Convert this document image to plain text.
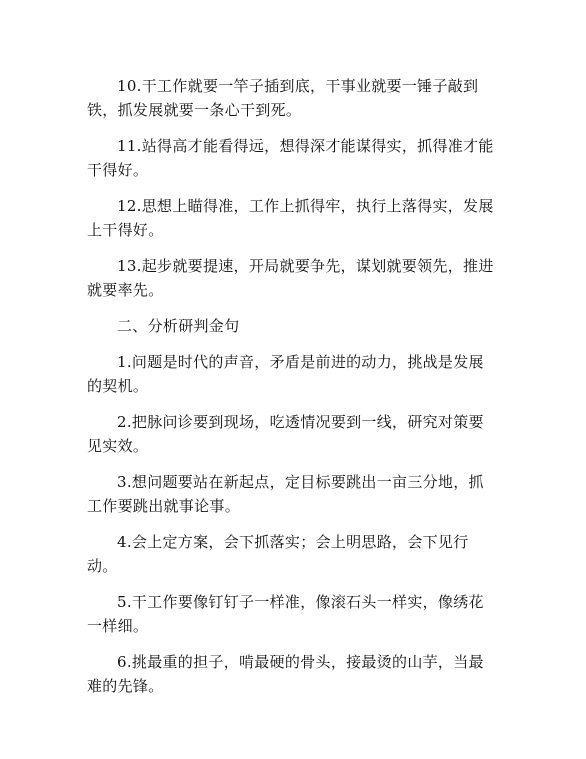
10.干工作就要一竿子插到底，干事业就要一锤子敲到铁，抓发展就要一条心干到死。

11.站得高才能看得远，想得深才能谋得实，抓得准才能干得好。

12.思想上瞄得准，工作上抓得牢，执行上落得实，发展上干得好。

13.起步就要提速，开局就要争先，谋划就要领先，推进就要率先。

二、分析研判金句

1.问题是时代的声音，矛盾是前进的动力，挑战是发展的契机。

2.把脉问诊要到现场，吃透情况要到一线，研究对策要见实效。

3.想问题要站在新起点，定目标要跳出一亩三分地，抓工作要跳出就事论事。

4.会上定方案，会下抓落实；会上明思路，会下见行动。

5.干工作要像钉钉子一样准，像滚石头一样实，像绣花一样细。

6.挑最重的担子，啃最硬的骨头，接最烫的山芋，当最难的先锋。
